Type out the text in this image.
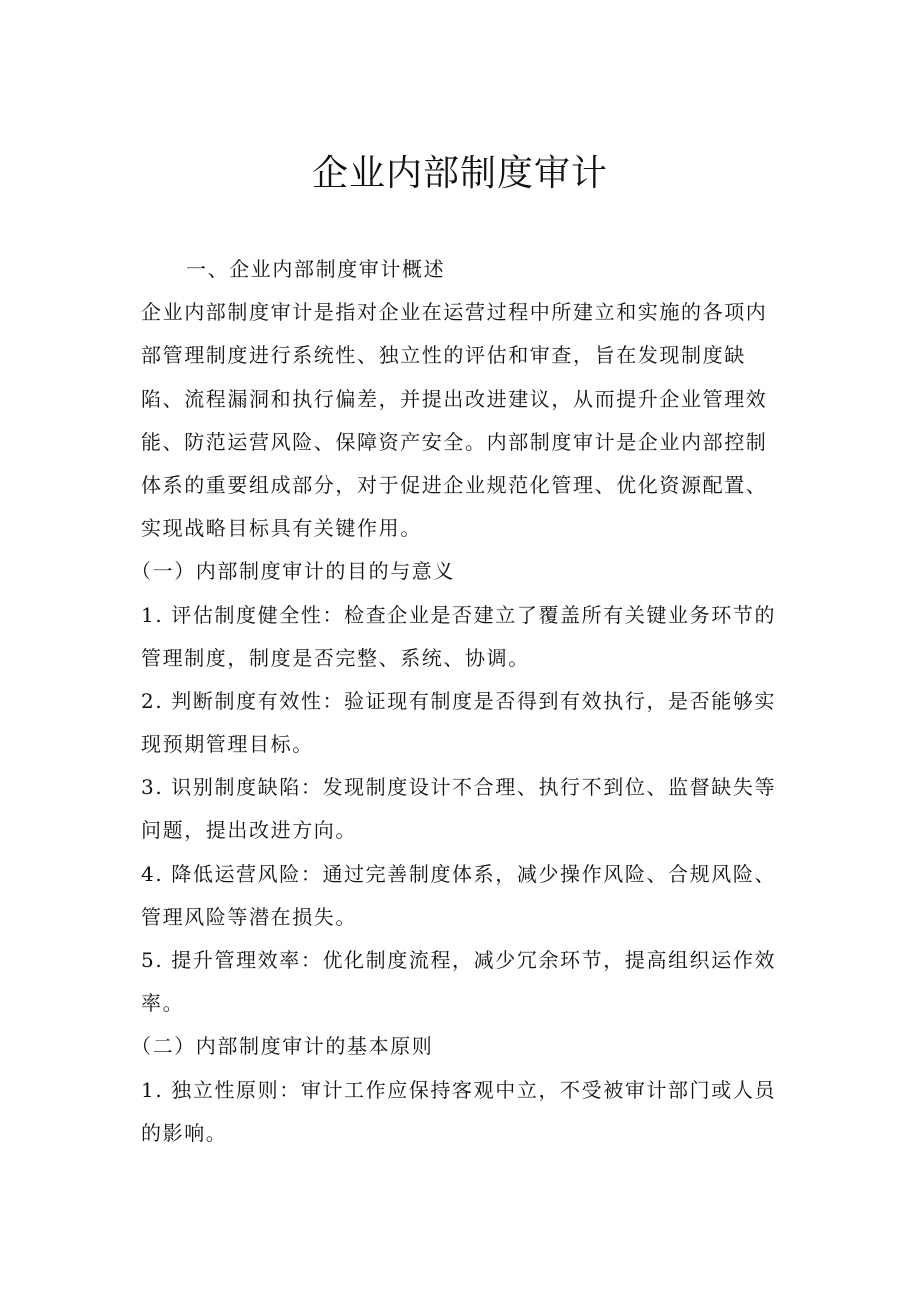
企业内部制度审计
一、企业内部制度审计概述
企业内部制度审计是指对企业在运营过程中所建立和实施的各项内
部管理制度进行系统性、独立性的评估和审查，旨在发现制度缺
陷、流程漏洞和执行偏差，并提出改进建议，从而提升企业管理效
能、防范运营风险、保障资产安全。内部制度审计是企业内部控制
体系的重要组成部分，对于促进企业规范化管理、优化资源配置、
实现战略目标具有关键作用。
（一）内部制度审计的目的与意义
1. 评估制度健全性：检查企业是否建立了覆盖所有关键业务环节的
管理制度，制度是否完整、系统、协调。
2. 判断制度有效性：验证现有制度是否得到有效执行，是否能够实
现预期管理目标。
3. 识别制度缺陷：发现制度设计不合理、执行不到位、监督缺失等
问题，提出改进方向。
4. 降低运营风险：通过完善制度体系，减少操作风险、合规风险、
管理风险等潜在损失。
5. 提升管理效率：优化制度流程，减少冗余环节，提高组织运作效
率。
（二）内部制度审计的基本原则
1. 独立性原则：审计工作应保持客观中立，不受被审计部门或人员
的影响。
